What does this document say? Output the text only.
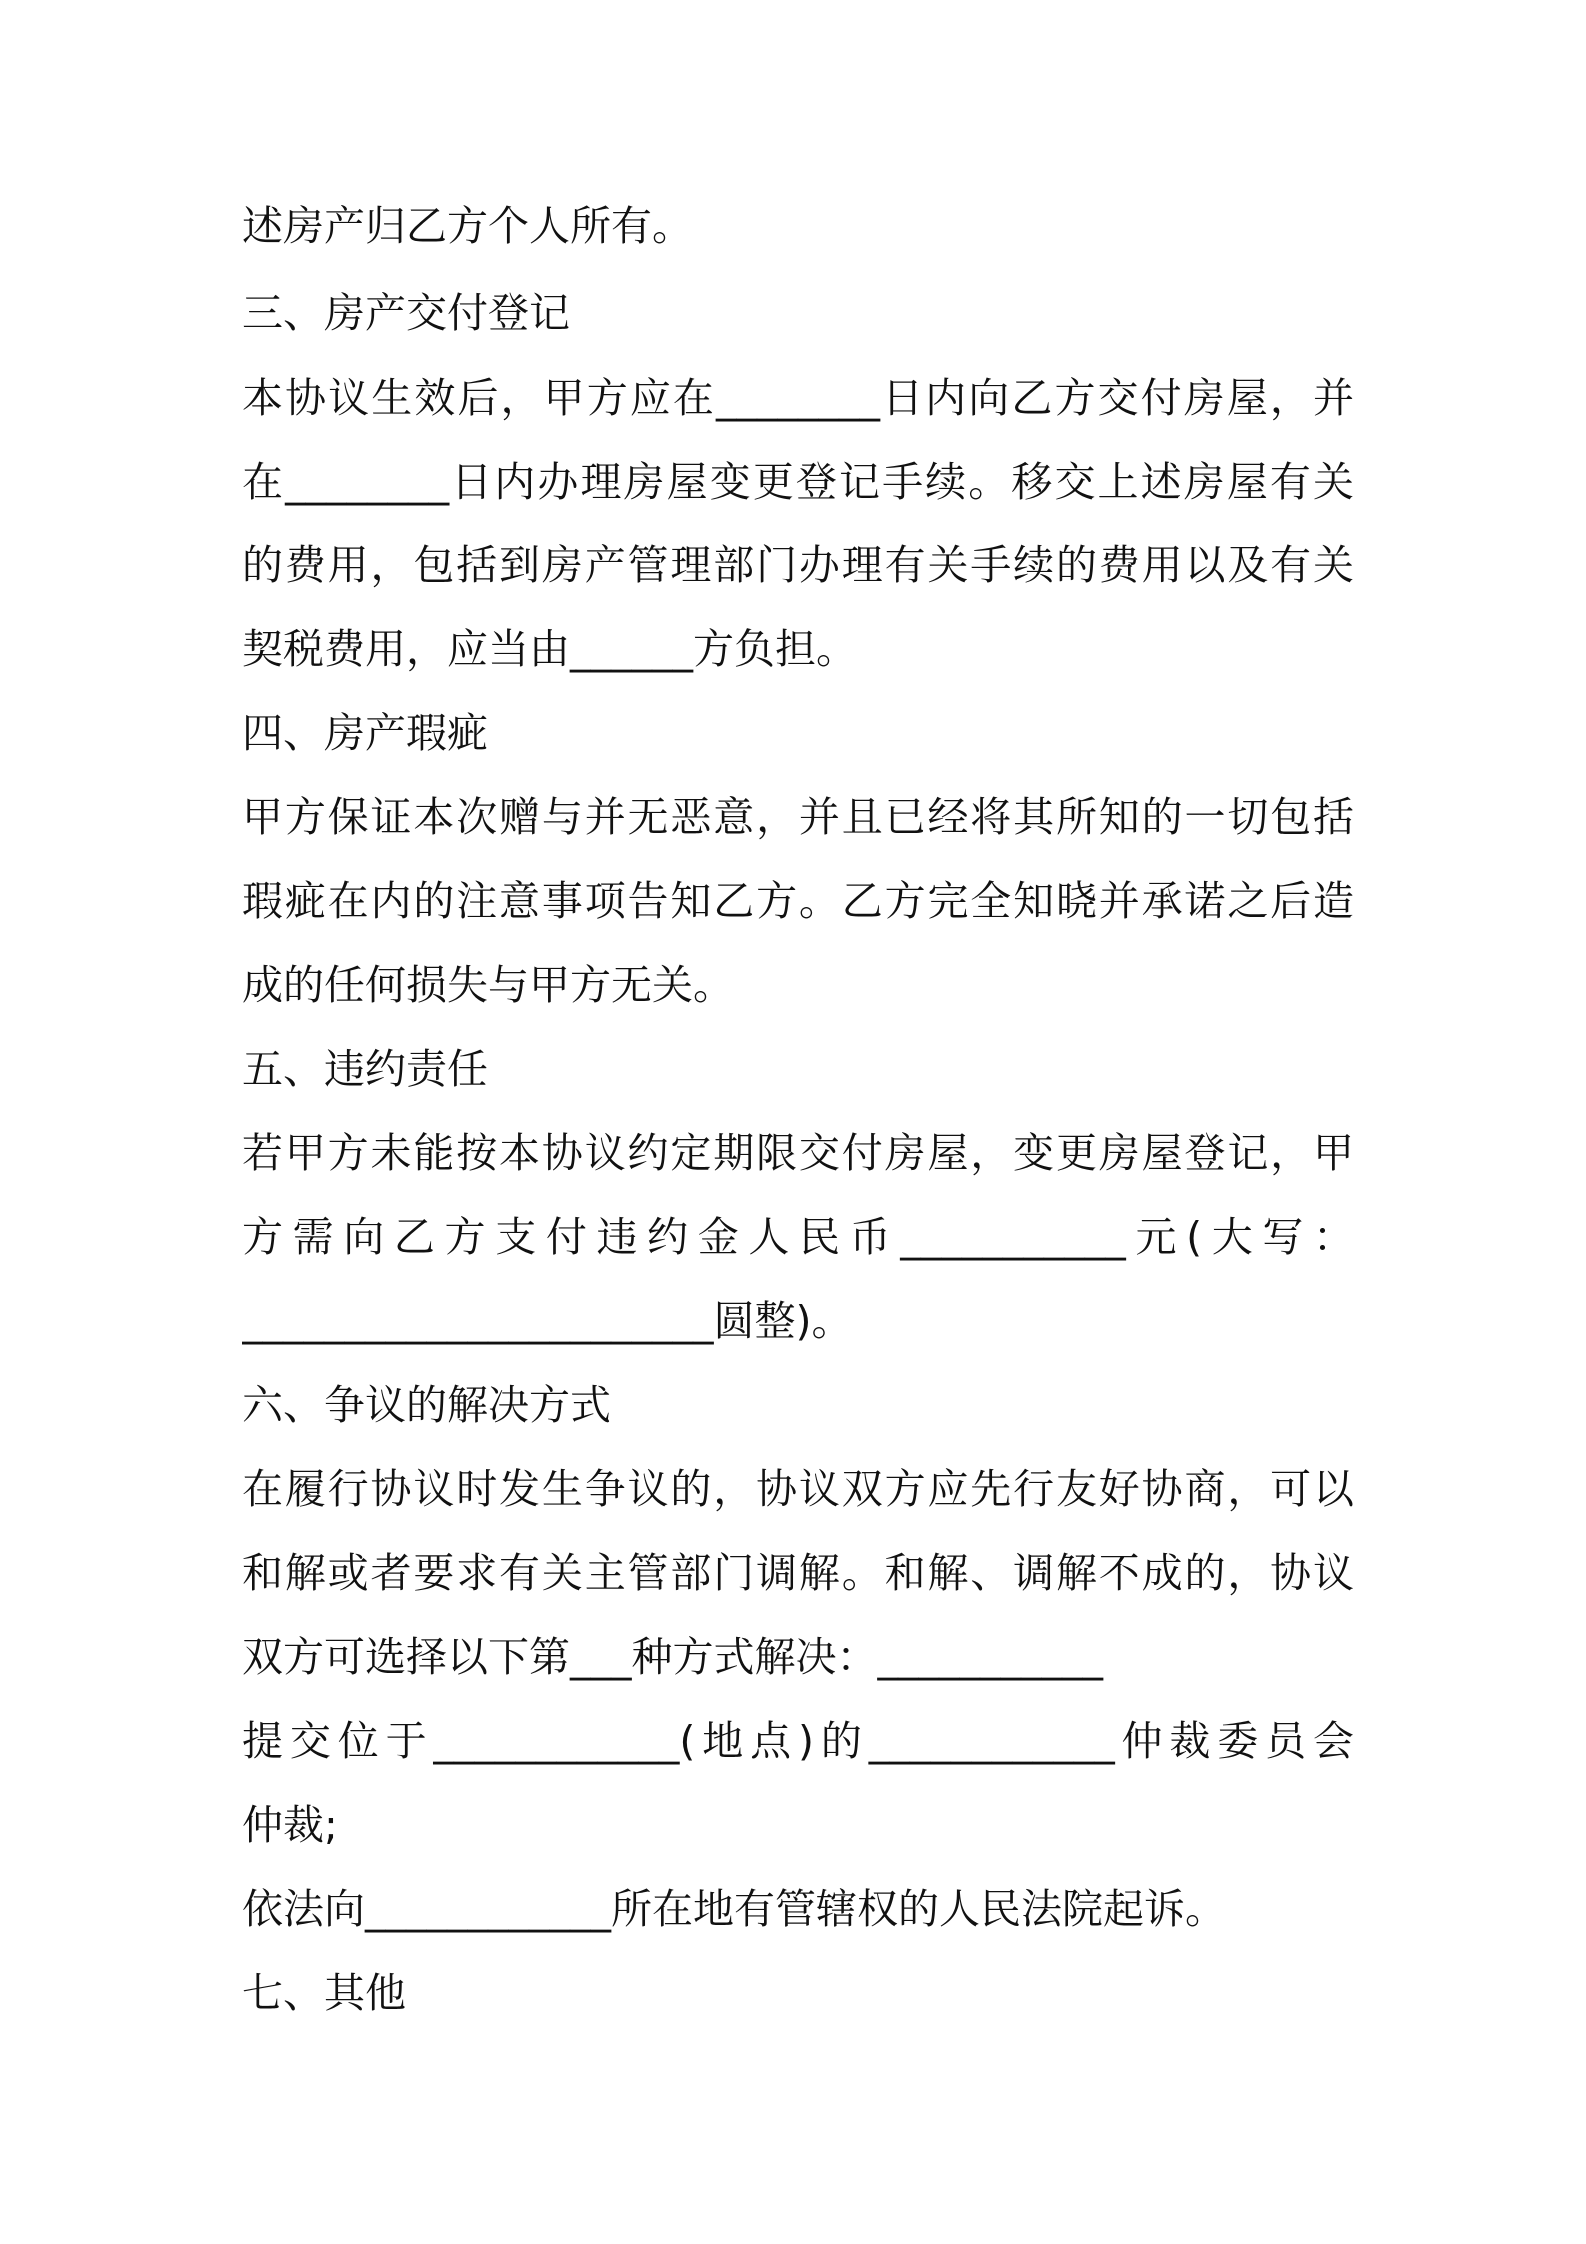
述房产归乙方个人所有。
三、房产交付登记
本协议生效后，甲方应在________日内向乙方交付房屋，并
在________日内办理房屋变更登记手续。移交上述房屋有关
的费用，包括到房产管理部门办理有关手续的费用以及有关
契税费用，应当由______方负担。
四、房产瑕疵
甲方保证本次赠与并无恶意，并且已经将其所知的一切包括
瑕疵在内的注意事项告知乙方。乙方完全知晓并承诺之后造
成的任何损失与甲方无关。
五、违约责任
若甲方未能按本协议约定期限交付房屋，变更房屋登记，甲
方需向乙方支付违约金人民币___________元(大写：
_______________________圆整)。
六、争议的解决方式
在履行协议时发生争议的，协议双方应先行友好协商，可以
和解或者要求有关主管部门调解。和解、调解不成的，协议
双方可选择以下第___种方式解决：___________
提交位于____________(地点)的____________仲裁委员会
仲裁;
依法向____________所在地有管辖权的人民法院起诉。
七、其他
